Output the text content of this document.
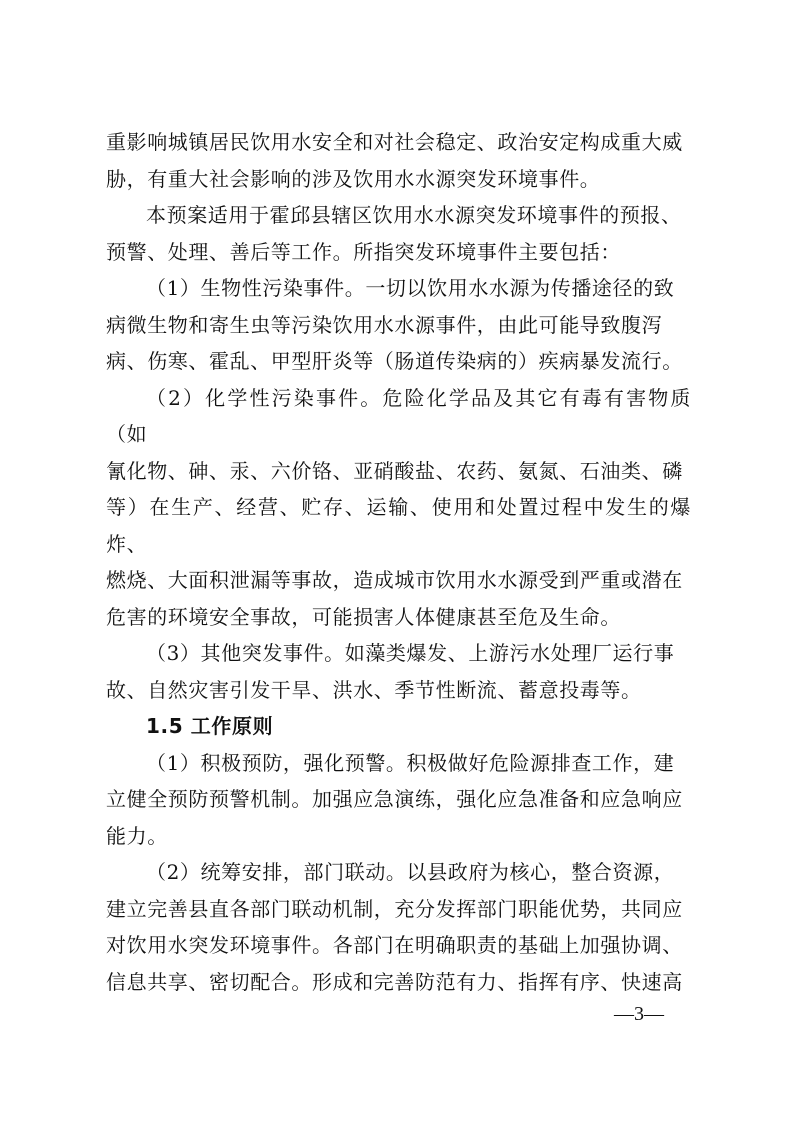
重影响城镇居民饮用水安全和对社会稳定、政治安定构成重大威
胁，有重大社会影响的涉及饮用水水源突发环境事件。

本预案适用于霍邱县辖区饮用水水源突发环境事件的预报、
预警、处理、善后等工作。所指突发环境事件主要包括：

（1）生物性污染事件。一切以饮用水水源为传播途径的致
病微生物和寄生虫等污染饮用水水源事件，由此可能导致腹泻
病、伤寒、霍乱、甲型肝炎等（肠道传染病的）疾病暴发流行。

（2）化学性污染事件。危险化学品及其它有毒有害物质（如
氰化物、砷、汞、六价铬、亚硝酸盐、农药、氨氮、石油类、磷
等）在生产、经营、贮存、运输、使用和处置过程中发生的爆炸、
燃烧、大面积泄漏等事故，造成城市饮用水水源受到严重或潜在
危害的环境安全事故，可能损害人体健康甚至危及生命。

（3）其他突发事件。如藻类爆发、上游污水处理厂运行事
故、自然灾害引发干旱、洪水、季节性断流、蓄意投毒等。

1.5 工作原则

（1）积极预防，强化预警。积极做好危险源排查工作，建
立健全预防预警机制。加强应急演练，强化应急准备和应急响应
能力。

（2）统筹安排，部门联动。以县政府为核心，整合资源，
建立完善县直各部门联动机制，充分发挥部门职能优势，共同应
对饮用水突发环境事件。各部门在明确职责的基础上加强协调、
信息共享、密切配合。形成和完善防范有力、指挥有序、快速高

—3—
